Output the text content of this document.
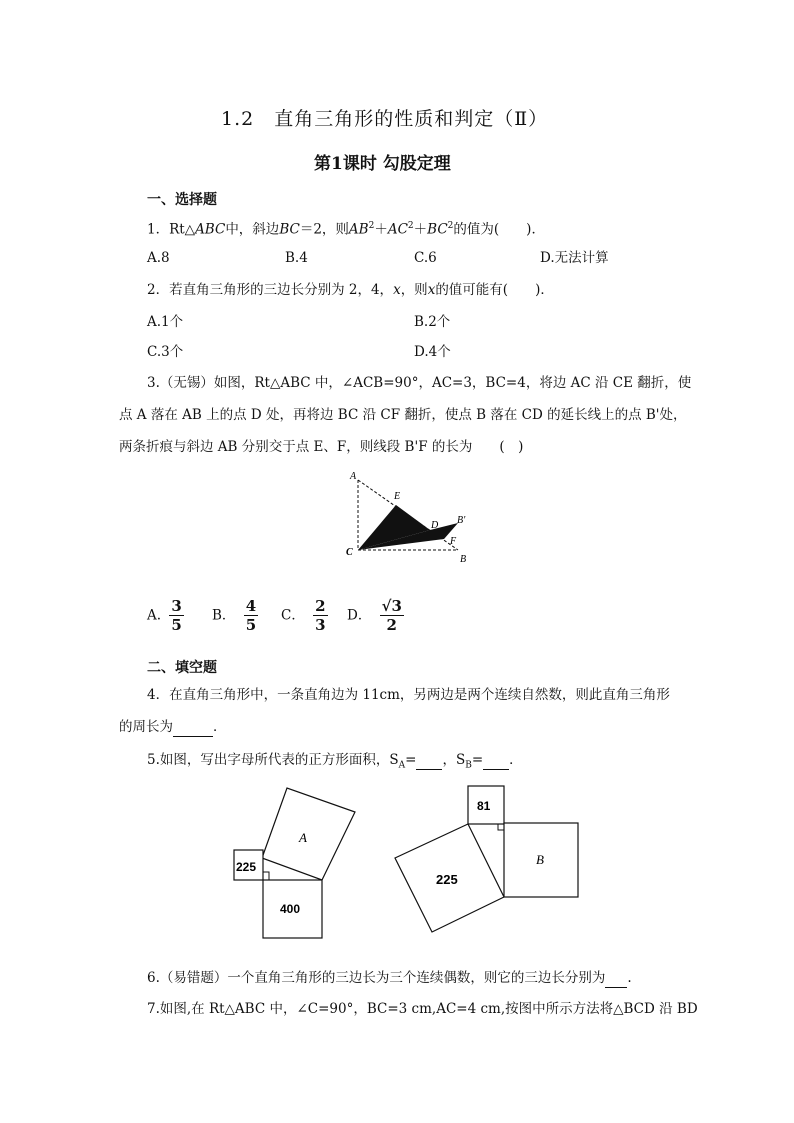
1.2　直角三角形的性质和判定（Ⅱ）
第1课时 勾股定理
一、选择题
1．Rt△ABC中，斜边BC＝2，则$AB^2+AC^2+BC^2$的值为(　　)．
A.8	B.4	C.6	D.无法计算
2．若直角三角形的三边长分别为 2，4，x，则x的值可能有(　　)．
A.1个	B.2个
C.3个	D.4个
3.（无锡）如图，Rt△ABC 中，∠ACB=90°，AC=3，BC=4，将边 AC 沿 CE 翻折，使
点 A 落在 AB 上的点 D 处，再将边 BC 沿 CF 翻折，使点 B 落在 CD 的延长线上的点 B'处，
两条折痕与斜边 AB 分别交于点 E、F，则线段 B'F 的长为　　(　)
A
E
D B'
F
C
B
A. $\frac{3}{5}$ B． $\frac{4}{5}$ C． $\frac{2}{3}$ D． $\frac{√3}{2}$
二、填空题
4．在直角三角形中，一条直角边为 11cm，另两边是两个连续自然数，则此直角三角形
的周长为	．
5.如图，写出字母所代表的正方形面积，$S_A=$ ，$S_B=$ ．
A
225
400
81
225
B
6.（易错题）一个直角三角形的三边长为三个连续偶数，则它的三边长分别为 .
7.如图,在 Rt△ABC 中，∠C=90°，BC=3 cm,AC=4 cm,按图中所示方法将△BCD 沿 BD
